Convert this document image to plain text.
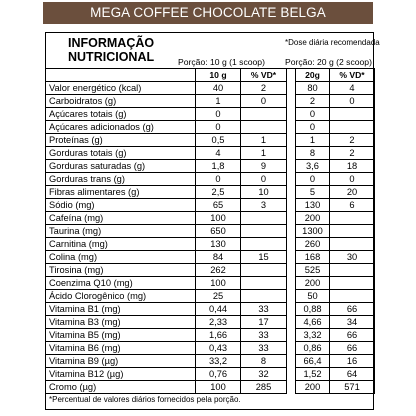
MEGA COFFEE CHOCOLATE BELGA
INFORMAÇÃO
NUTRICIONAL
*Dose diária recomendada
Porção: 10 g (1 scoop) Porção: 20 g (2 scoop)
	10 g	% VD*		20g	% VD*
Valor energético (kcal)	40	2		80	4
Carboidratos (g)	1	0		2	0
Açúcares totais (g)	0			0	
Açúcares adicionados (g)	0			0	
Proteínas (g)	0,5	1		1	2
Gorduras totais (g)	4	1		8	2
Gorduras saturadas (g)	1,8	9		3,6	18
Gorduras trans (g)	0	0		0	0
Fibras alimentares (g)	2,5	10		5	20
Sódio (mg)	65	3		130	6
Cafeína (mg)	100			200	
Taurina (mg)	650			1300	
Carnitina (mg)	130			260	
Colina (mg)	84	15		168	30
Tirosina (mg)	262			525	
Coenzima Q10 (mg)	100			200	
Ácido Clorogênico (mg)	25			50	
Vitamina B1 (mg)	0,44	33		0,88	66
Vitamina B3 (mg)	2,33	17		4,66	34
Vitamina B5 (mg)	1,66	33		3,32	66
Vitamina B6 (mg)	0,43	33		0,86	66
Vitamina B9 (µg)	33,2	8		66,4	16
Vitamina B12 (µg)	0,76	32		1,52	64
Cromo (µg)	100	285		200	571
*Percentual de valores diários fornecidos pela porção.
